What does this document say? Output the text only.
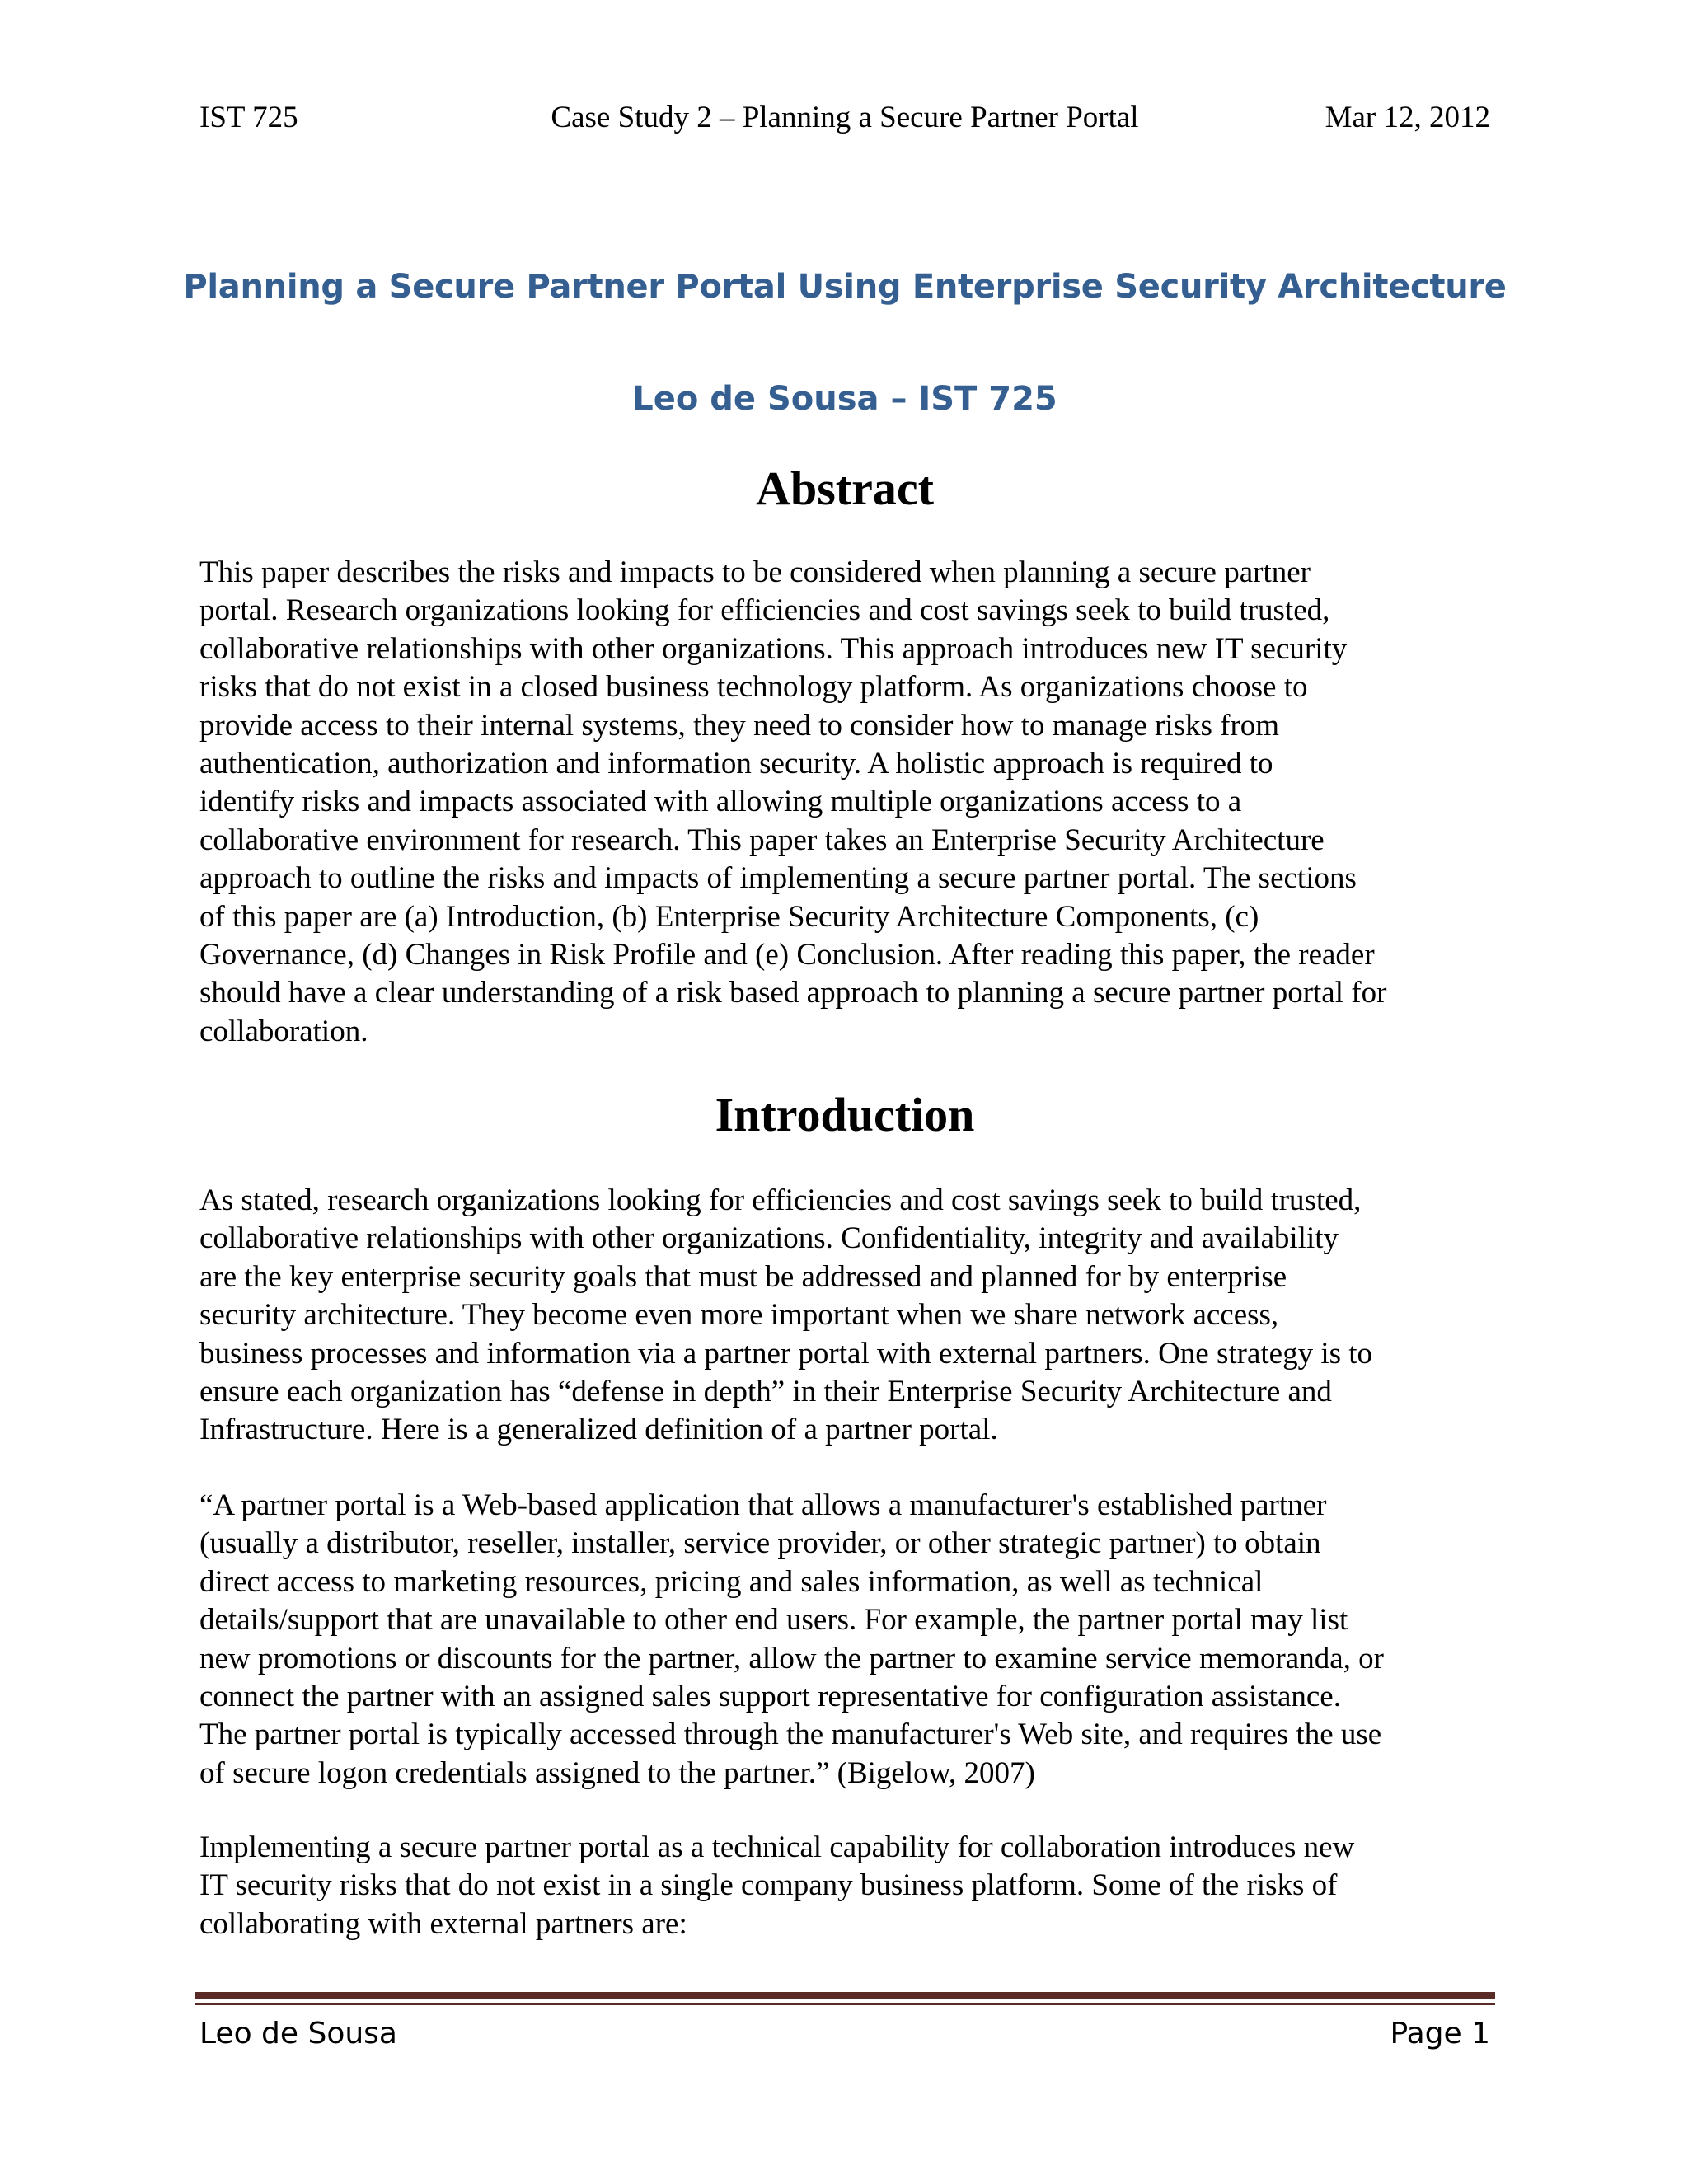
IST 725	Case Study 2 – Planning a Secure Partner Portal	Mar 12, 2012
Planning a Secure Partner Portal Using Enterprise Security Architecture
Leo de Sousa – IST 725
Abstract

This paper describes the risks and impacts to be considered when planning a secure partner
portal. Research organizations looking for efficiencies and cost savings seek to build trusted,
collaborative relationships with other organizations. This approach introduces new IT security
risks that do not exist in a closed business technology platform. As organizations choose to
provide access to their internal systems, they need to consider how to manage risks from
authentication, authorization and information security. A holistic approach is required to
identify risks and impacts associated with allowing multiple organizations access to a
collaborative environment for research. This paper takes an Enterprise Security Architecture
approach to outline the risks and impacts of implementing a secure partner portal. The sections
of this paper are (a) Introduction, (b) Enterprise Security Architecture Components, (c)
Governance, (d) Changes in Risk Profile and (e) Conclusion. After reading this paper, the reader
should have a clear understanding of a risk based approach to planning a secure partner portal for
collaboration.

Introduction

As stated, research organizations looking for efficiencies and cost savings seek to build trusted,
collaborative relationships with other organizations. Confidentiality, integrity and availability
are the key enterprise security goals that must be addressed and planned for by enterprise
security architecture. They become even more important when we share network access,
business processes and information via a partner portal with external partners. One strategy is to
ensure each organization has “defense in depth” in their Enterprise Security Architecture and
Infrastructure. Here is a generalized definition of a partner portal.

“A partner portal is a Web-based application that allows a manufacturer's established partner
(usually a distributor, reseller, installer, service provider, or other strategic partner) to obtain
direct access to marketing resources, pricing and sales information, as well as technical
details/support that are unavailable to other end users. For example, the partner portal may list
new promotions or discounts for the partner, allow the partner to examine service memoranda, or
connect the partner with an assigned sales support representative for configuration assistance.
The partner portal is typically accessed through the manufacturer's Web site, and requires the use
of secure logon credentials assigned to the partner.” (Bigelow, 2007)

Implementing a secure partner portal as a technical capability for collaboration introduces new
IT security risks that do not exist in a single company business platform. Some of the risks of
collaborating with external partners are:

Leo de Sousa	Page 1
